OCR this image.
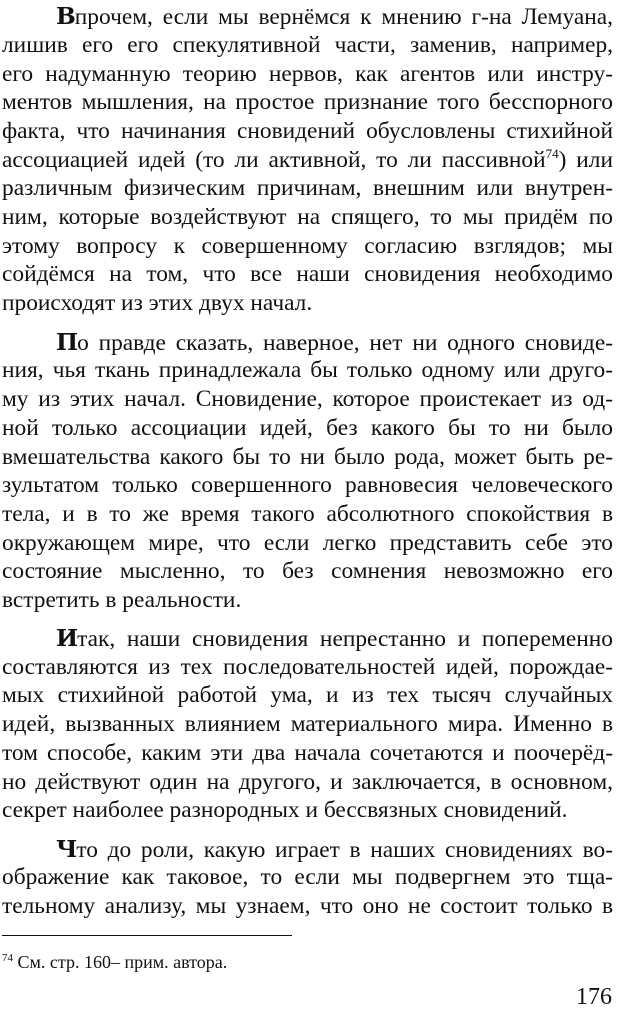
Впрочем, если мы вернёмся к мнению г-на Лемуана,
лишив его его спекулятивной части, заменив, например,
его надуманную теорию нервов, как агентов или инстру-
ментов мышления, на простое признание того бесспорного
факта, что начинания сновидений обусловлены стихийной
ассоциацией идей (то ли активной, то ли пассивной$^{74}$) или
различным физическим причинам, внешним или внутрен-
ним, которые воздействуют на спящего, то мы придём по
этому вопросу к совершенному согласию взглядов; мы
сойдёмся на том, что все наши сновидения необходимо
происходят из этих двух начал.
По правде сказать, наверное, нет ни одного сновиде-
ния, чья ткань принадлежала бы только одному или друго-
му из этих начал. Сновидение, которое проистекает из од-
ной только ассоциации идей, без какого бы то ни было
вмешательства какого бы то ни было рода, может быть ре-
зультатом только совершенного равновесия человеческого
тела, и в то же время такого абсолютного спокойствия в
окружающем мире, что если легко представить себе это
состояние мысленно, то без сомнения невозможно его
встретить в реальности.
Итак, наши сновидения непрестанно и попеременно
составляются из тех последовательностей идей, порождае-
мых стихийной работой ума, и из тех тысяч случайных
идей, вызванных влиянием материального мира. Именно в
том способе, каким эти два начала сочетаются и поочерёд-
но действуют один на другого, и заключается, в основном,
секрет наиболее разнородных и бессвязных сновидений.
Что до роли, какую играет в наших сновидениях во-
ображение как таковое, то если мы подвергнем это тща-
тельному анализу, мы узнаем, что оно не состоит только в
$^{74}$ См. стр. 160– прим. автора.
176
